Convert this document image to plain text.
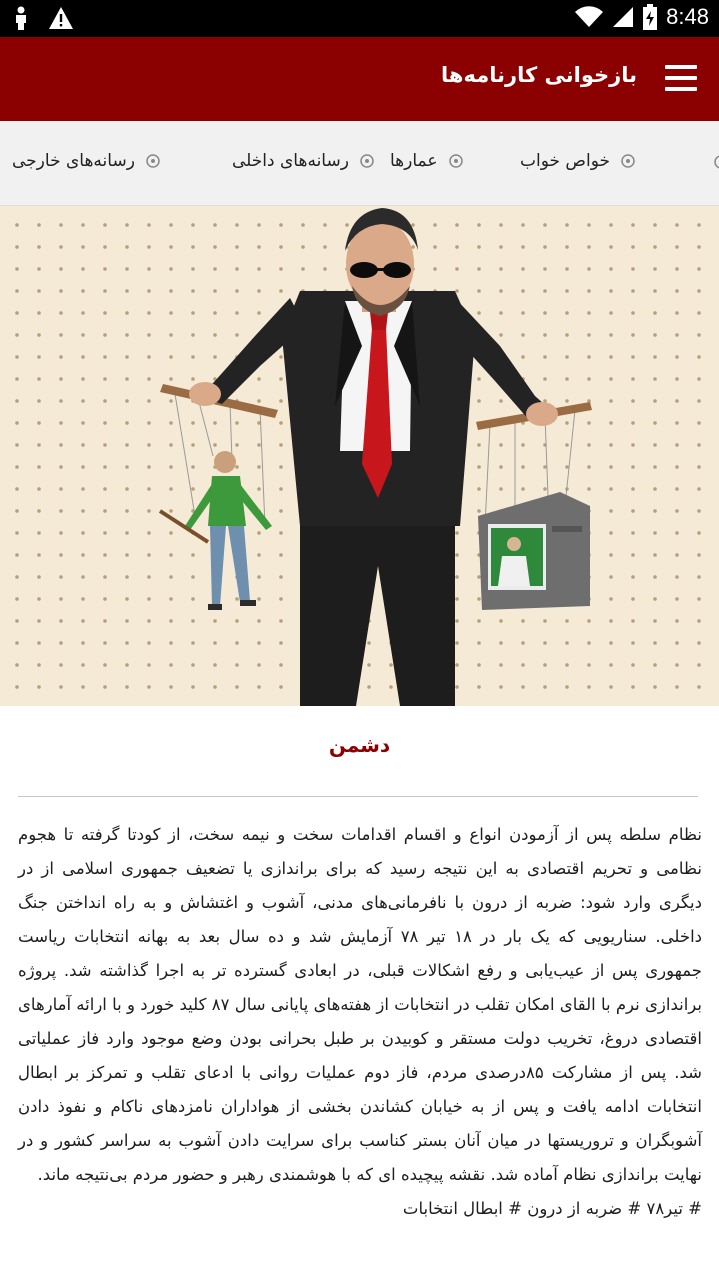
8:48
بازخوانی کارنامه‌ها
خواص خواب
عمارها
رسانه‌های داخلی
رسانه‌های خارجی
دشمن
نظام سلطه پس از آزمودن انواع و اقسام اقدامات سخت و نیمه سخت، از کودتا گرفته تا هجوم نظامی و تحریم اقتصادی به این نتیجه رسید که برای براندازی یا تضعیف جمهوری اسلامی از در دیگری وارد شود: ضربه از درون با نافرمانی‌های مدنی، آشوب و اغتشاش و به راه انداختن جنگ داخلی. سناریویی که یک بار در ۱۸ تیر ۷۸ آزمایش شد و ده سال بعد به بهانه انتخابات ریاست جمهوری پس از عیب‌یابی و رفع اشکالات قبلی، در ابعادی گسترده تر به اجرا گذاشته شد. پروژه براندازی نرم با القای امکان تقلب در انتخابات از هفته‌های پایانی سال ۸۷ کلید خورد و با ارائه آمارهای اقتصادی دروغ، تخریب دولت مستقر و کوبیدن بر طبل بحرانی بودن وضع موجود وارد فاز عملیاتی شد. پس از مشارکت ۸۵درصدی مردم، فاز دوم عملیات روانی با ادعای تقلب و تمرکز بر ابطال انتخابات ادامه یافت و پس از به خیابان کشاندن بخشی از هواداران نامزدهای ناکام و نفوذ دادن آشوبگران و تروریستها در میان آنان بستر کناسب برای سرایت دادن آشوب به سراسر کشور و در نهایت براندازی نظام آماده شد. نقشه پیچیده ای که با هوشمندی رهبر و حضور مردم بی‌نتیجه ماند.
# تیر۷۸ # ضربه از درون # ابطال انتخابات
